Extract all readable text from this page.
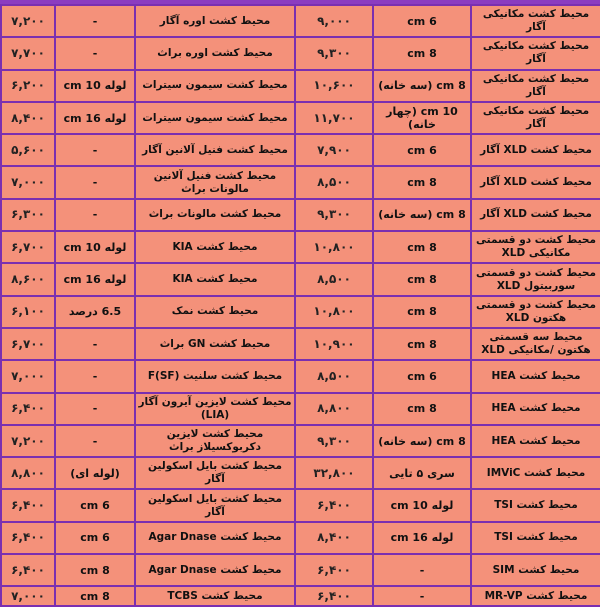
محیط کشت مکانیکی آگار	6 cm	۹,۰۰۰	محیط کشت اوره آگار	-	۷,۲۰۰
محیط کشت مکانیکی آگار	8 cm	۹,۳۰۰	محیط کشت اوره براث	-	۷,۷۰۰
محیط کشت مکانیکی آگار	8 cm (سه خانه)	۱۰,۶۰۰	محیط کشت سیمون سیترات	لوله 10 cm	۶,۲۰۰
محیط کشت مکانیکی آگار	10 cm (چهار خانه)	۱۱,۷۰۰	محیط کشت سیمون سیترات	لوله 16 cm	۸,۴۰۰
محیط کشت XLD آگار	6 cm	۷,۹۰۰	محیط کشت فنیل آلانین آگار	-	۵,۶۰۰
محیط کشت XLD آگار	8 cm	۸,۵۰۰	محیط کشت فنیل آلانین مالونات براث	-	۷,۰۰۰
محیط کشت XLD آگار	8 cm (سه خانه)	۹,۳۰۰	محیط کشت مالونات براث	-	۶,۳۰۰
محیط کشت دو قسمتی مکانیکی XLD	8 cm	۱۰,۸۰۰	محیط کشت KIA	لوله 10 cm	۶,۷۰۰
محیط کشت دو قسمتی سوربیتول XLD	8 cm	۸,۵۰۰	محیط کشت KIA	لوله 16 cm	۸,۶۰۰
محیط کشت دو قسمتی هکتون XLD	8 cm	۱۰,۸۰۰	محیط کشت نمک	6.5 درصد	۶,۱۰۰
محیط سه قسمتی هکتون /مکانیکی XLD	8 cm	۱۰,۹۰۰	محیط کشت GN براث	-	۶,۷۰۰
محیط کشت HEA	6 cm	۸,۵۰۰	محیط کشت سلنیت (SF)F	-	۷,۰۰۰
محیط کشت HEA	8 cm	۸,۸۰۰	محیط کشت لایزین آیرون آگار (LIA)	-	۶,۴۰۰
محیط کشت HEA	8 cm (سه خانه)	۹,۳۰۰	محیط کشت لایزین دکربوکسیلاز براث	-	۷,۲۰۰
محیط کشت IMViC	سری ۵ تایی	۳۲,۸۰۰	محیط کشت بایل اسکولین آگار	(لوله ای)	۸,۸۰۰
محیط کشت TSI	لوله 10 cm	۶,۴۰۰	محیط کشت بایل اسکولین آگار	6 cm	۶,۴۰۰
محیط کشت TSI	لوله 16 cm	۸,۴۰۰	محیط کشت Agar Dnase	6 cm	۶,۴۰۰
محیط کشت SIM	-	۶,۴۰۰	محیط کشت Agar Dnase	8 cm	۶,۴۰۰
محیط کشت MR-VP	-	۶,۴۰۰	محیط کشت TCBS	8 cm	۷,۰۰۰
